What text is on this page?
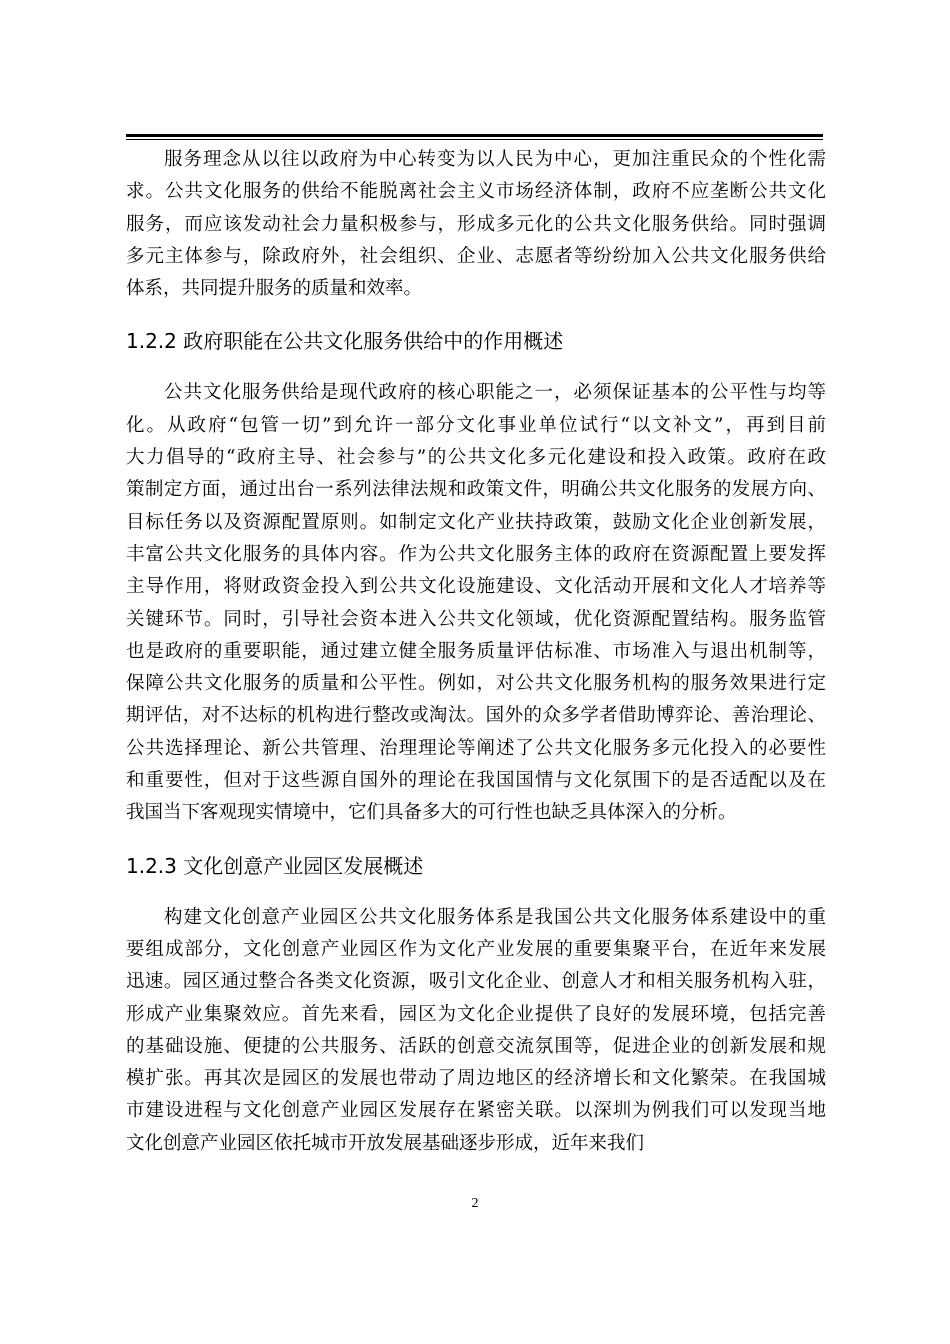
服务理念从以往以政府为中心转变为以人民为中心，更加注重民众的个性化需
求。公共文化服务的供给不能脱离社会主义市场经济体制，政府不应垄断公共文化
服务，而应该发动社会力量积极参与，形成多元化的公共文化服务供给。同时强调
多元主体参与，除政府外，社会组织、企业、志愿者等纷纷加入公共文化服务供给
体系，共同提升服务的质量和效率。
1.2.2 政府职能在公共文化服务供给中的作用概述
公共文化服务供给是现代政府的核心职能之一，必须保证基本的公平性与均等
化。从政府“包管一切”到允许一部分文化事业单位试行“以文补文”，再到目前
大力倡导的“政府主导、社会参与”的公共文化多元化建设和投入政策。政府在政
策制定方面，通过出台一系列法律法规和政策文件，明确公共文化服务的发展方向、
目标任务以及资源配置原则。如制定文化产业扶持政策，鼓励文化企业创新发展，
丰富公共文化服务的具体内容。作为公共文化服务主体的政府在资源配置上要发挥
主导作用，将财政资金投入到公共文化设施建设、文化活动开展和文化人才培养等
关键环节。同时，引导社会资本进入公共文化领域，优化资源配置结构。服务监管
也是政府的重要职能，通过建立健全服务质量评估标准、市场准入与退出机制等，
保障公共文化服务的质量和公平性。例如，对公共文化服务机构的服务效果进行定
期评估，对不达标的机构进行整改或淘汰。国外的众多学者借助博弈论、善治理论、
公共选择理论、新公共管理、治理理论等阐述了公共文化服务多元化投入的必要性
和重要性，但对于这些源自国外的理论在我国国情与文化氛围下的是否适配以及在
我国当下客观现实情境中，它们具备多大的可行性也缺乏具体深入的分析。
1.2.3 文化创意产业园区发展概述
构建文化创意产业园区公共文化服务体系是我国公共文化服务体系建设中的重
要组成部分，文化创意产业园区作为文化产业发展的重要集聚平台，在近年来发展
迅速。园区通过整合各类文化资源，吸引文化企业、创意人才和相关服务机构入驻，
形成产业集聚效应。首先来看，园区为文化企业提供了良好的发展环境，包括完善
的基础设施、便捷的公共服务、活跃的创意交流氛围等，促进企业的创新发展和规
模扩张。再其次是园区的发展也带动了周边地区的经济增长和文化繁荣。在我国城
市建设进程与文化创意产业园区发展存在紧密关联。以深圳为例我们可以发现当地
文化创意产业园区依托城市开放发展基础逐步形成，近年来我们
2
